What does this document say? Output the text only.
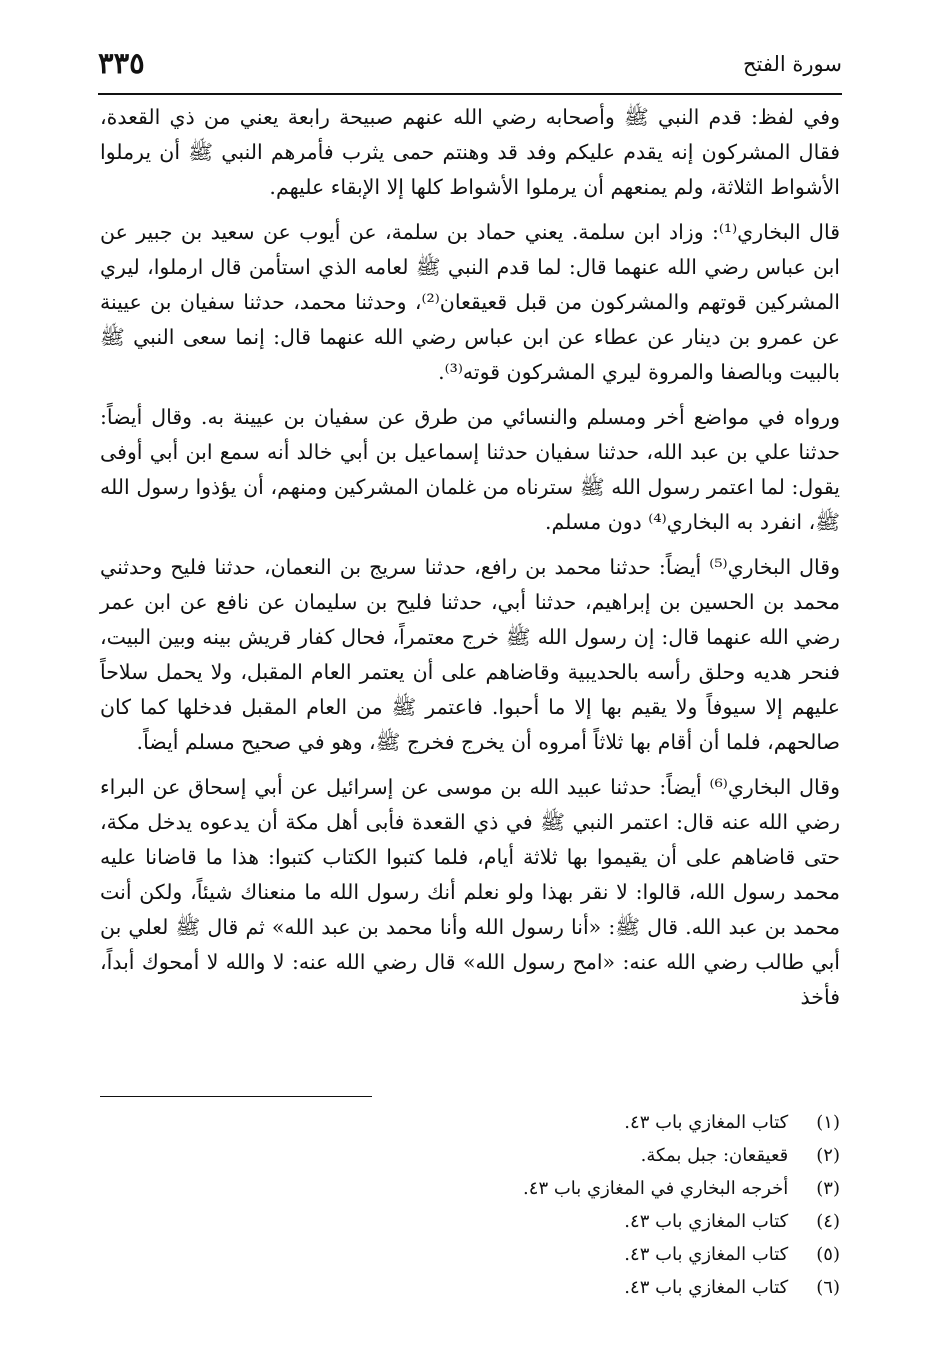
سورة الفتح
٣٣٥

وفي لفظ: قدم النبي ﷺ وأصحابه رضي الله عنهم صبيحة رابعة يعني من ذي القعدة، فقال المشركون إنه يقدم عليكم وفد قد وهنتم حمى يثرب فأمرهم النبي ﷺ أن يرملوا الأشواط الثلاثة، ولم يمنعهم أن يرملوا الأشواط كلها إلا الإبقاء عليهم.

قال البخاري⁽¹⁾: وزاد ابن سلمة. يعني حماد بن سلمة، عن أيوب عن سعيد بن جبير عن ابن عباس رضي الله عنهما قال: لما قدم النبي ﷺ لعامه الذي استأمن قال ارملوا، ليري المشركين قوتهم والمشركون من قبل قعيقعان⁽²⁾، وحدثنا محمد، حدثنا سفيان بن عيينة عن عمرو بن دينار عن عطاء عن ابن عباس رضي الله عنهما قال: إنما سعى النبي ﷺ بالبيت وبالصفا والمروة ليري المشركون قوته⁽³⁾.

ورواه في مواضع أخر ومسلم والنسائي من طرق عن سفيان بن عيينة به. وقال أيضاً: حدثنا علي بن عبد الله، حدثنا سفيان حدثنا إسماعيل بن أبي خالد أنه سمع ابن أبي أوفى يقول: لما اعتمر رسول الله ﷺ سترناه من غلمان المشركين ومنهم، أن يؤذوا رسول الله ﷺ، انفرد به البخاري⁽⁴⁾ دون مسلم.

وقال البخاري⁽⁵⁾ أيضاً: حدثنا محمد بن رافع، حدثنا سريج بن النعمان، حدثنا فليح وحدثني محمد بن الحسين بن إبراهيم، حدثنا أبي، حدثنا فليح بن سليمان عن نافع عن ابن عمر رضي الله عنهما قال: إن رسول الله ﷺ خرج معتمراً، فحال كفار قريش بينه وبين البيت، فنحر هديه وحلق رأسه بالحديبية وقاضاهم على أن يعتمر العام المقبل، ولا يحمل سلاحاً عليهم إلا سيوفاً ولا يقيم بها إلا ما أحبوا. فاعتمر ﷺ من العام المقبل فدخلها كما كان صالحهم، فلما أن أقام بها ثلاثاً أمروه أن يخرج فخرج ﷺ، وهو في صحيح مسلم أيضاً.

وقال البخاري⁽⁶⁾ أيضاً: حدثنا عبيد الله بن موسى عن إسرائيل عن أبي إسحاق عن البراء رضي الله عنه قال: اعتمر النبي ﷺ في ذي القعدة فأبى أهل مكة أن يدعوه يدخل مكة، حتى قاضاهم على أن يقيموا بها ثلاثة أيام، فلما كتبوا الكتاب كتبوا: هذا ما قاضانا عليه محمد رسول الله، قالوا: لا نقر بهذا ولو نعلم أنك رسول الله ما منعناك شيئاً، ولكن أنت محمد بن عبد الله. قال ﷺ: «أنا رسول الله وأنا محمد بن عبد الله» ثم قال ﷺ لعلي بن أبي طالب رضي الله عنه: «امح رسول الله» قال رضي الله عنه: لا والله لا أمحوك أبداً، فأخذ

(١) كتاب المغازي باب ٤٣.
(٢) قعيقعان: جبل بمكة.
(٣) أخرجه البخاري في المغازي باب ٤٣.
(٤) كتاب المغازي باب ٤٣.
(٥) كتاب المغازي باب ٤٣.
(٦) كتاب المغازي باب ٤٣.
